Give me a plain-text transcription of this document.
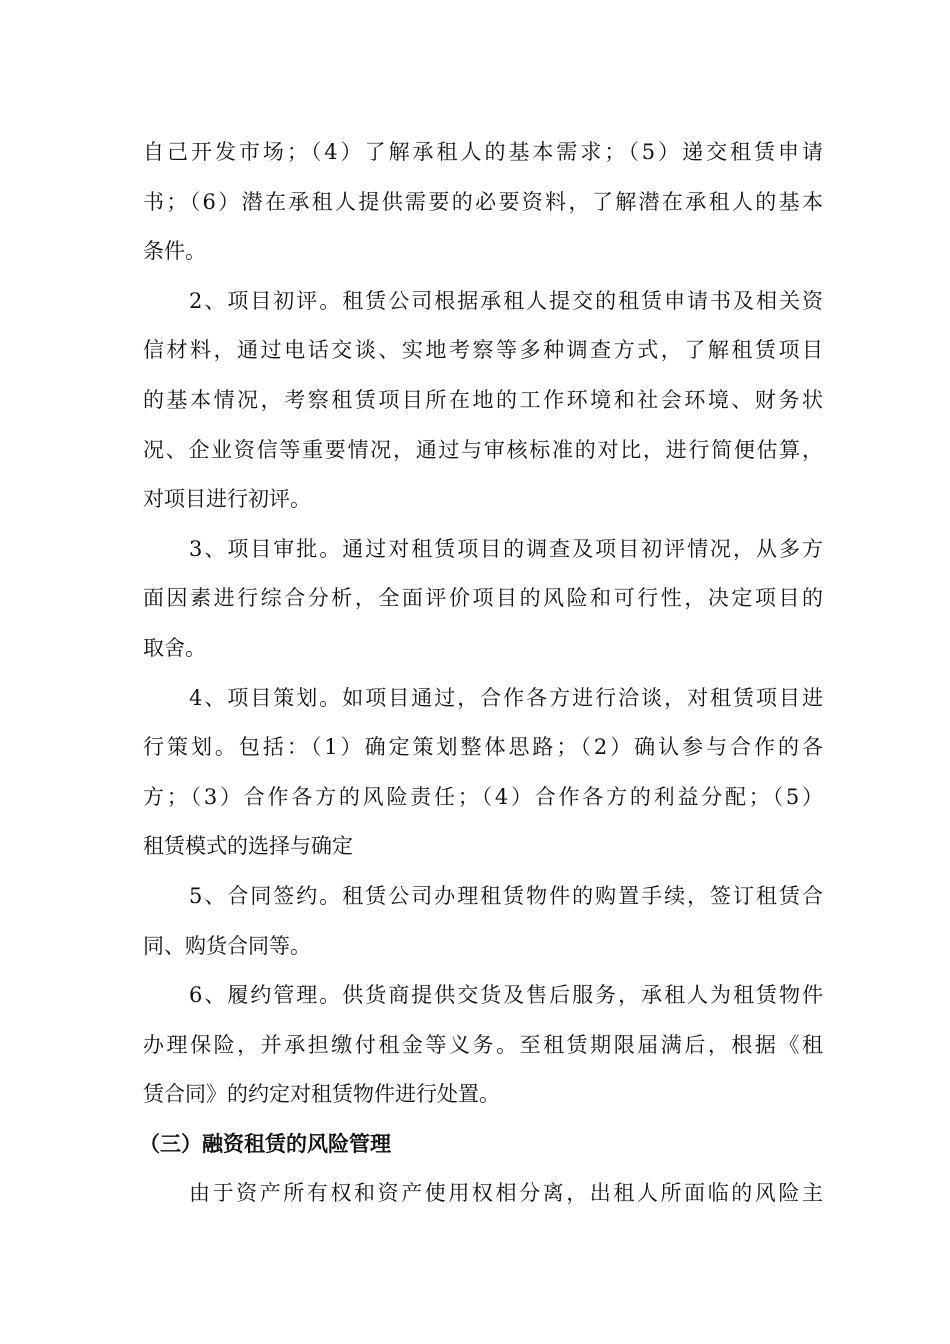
自己开发市场；（4）了解承租人的基本需求；（5）递交租赁申请
书；（6）潜在承租人提供需要的必要资料，了解潜在承租人的基本
条件。
2、项目初评。租赁公司根据承租人提交的租赁申请书及相关资
信材料，通过电话交谈、实地考察等多种调查方式，了解租赁项目
的基本情况，考察租赁项目所在地的工作环境和社会环境、财务状
况、企业资信等重要情况，通过与审核标准的对比，进行简便估算，
对项目进行初评。
3、项目审批。通过对租赁项目的调查及项目初评情况，从多方
面因素进行综合分析，全面评价项目的风险和可行性，决定项目的
取舍。
4、项目策划。如项目通过，合作各方进行洽谈，对租赁项目进
行策划。包括：（1）确定策划整体思路；（2）确认参与合作的各
方；（3）合作各方的风险责任；（4）合作各方的利益分配；（5）
租赁模式的选择与确定
5、合同签约。租赁公司办理租赁物件的购置手续，签订租赁合
同、购货合同等。
6、履约管理。供货商提供交货及售后服务，承租人为租赁物件
办理保险，并承担缴付租金等义务。至租赁期限届满后，根据《租
赁合同》的约定对租赁物件进行处置。
（三）融资租赁的风险管理
由于资产所有权和资产使用权相分离，出租人所面临的风险主
